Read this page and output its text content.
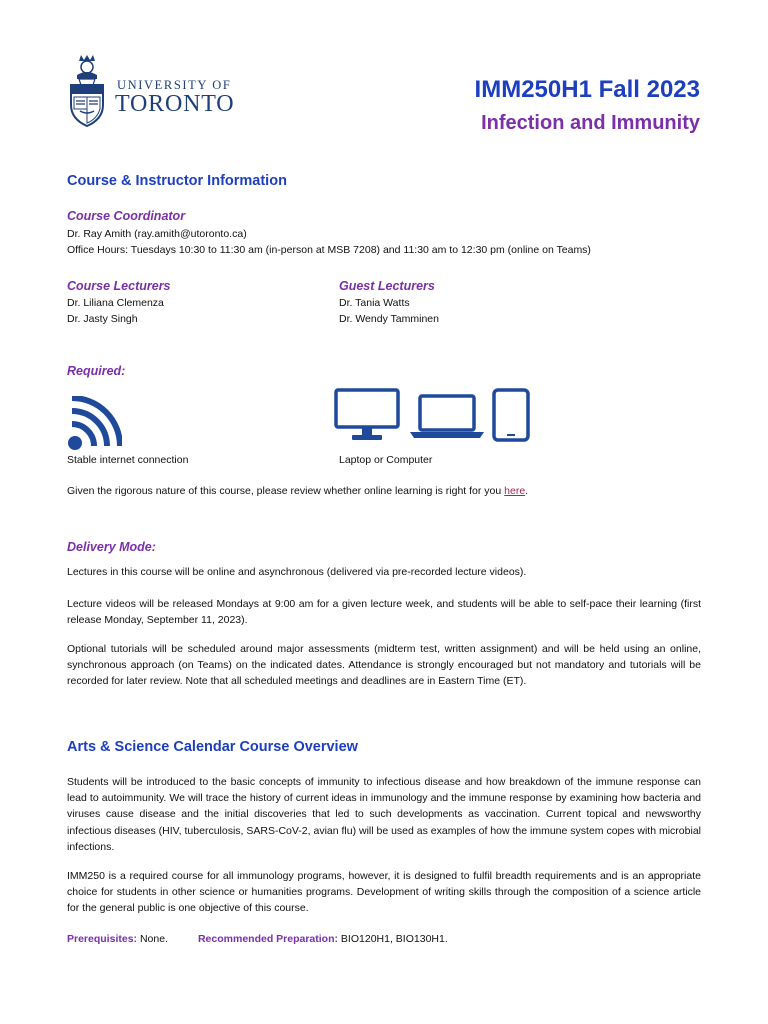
UNIVERSITY OF
TORONTO
IMM250H1 Fall 2023
Infection and Immunity
Course & Instructor Information
Course Coordinator
Dr. Ray Amith (ray.amith@utoronto.ca)
Office Hours: Tuesdays 10:30 to 11:30 am (in-person at MSB 7208) and 11:30 am to 12:30 pm (online on Teams)
Course Lecturers
Dr. Liliana Clemenza
Dr. Jasty Singh
Guest Lecturers
Dr. Tania Watts
Dr. Wendy Tamminen
Required:
Stable internet connection	Laptop or Computer
Given the rigorous nature of this course, please review whether online learning is right for you here.
Delivery Mode:
Lectures in this course will be online and asynchronous (delivered via pre-recorded lecture videos).
Lecture videos will be released Mondays at 9:00 am for a given lecture week, and students will be able to self-pace their learning (first release Monday, September 11, 2023).
Optional tutorials will be scheduled around major assessments (midterm test, written assignment) and will be held using an online, synchronous approach (on Teams) on the indicated dates. Attendance is strongly encouraged but not mandatory and tutorials will be recorded for later review. Note that all scheduled meetings and deadlines are in Eastern Time (ET).
Arts & Science Calendar Course Overview
Students will be introduced to the basic concepts of immunity to infectious disease and how breakdown of the immune response can lead to autoimmunity. We will trace the history of current ideas in immunology and the immune response by examining how bacteria and viruses cause disease and the initial discoveries that led to such developments as vaccination. Current topical and newsworthy infectious diseases (HIV, tuberculosis, SARS-CoV-2, avian flu) will be used as examples of how the immune system copes with microbial infections.
IMM250 is a required course for all immunology programs, however, it is designed to fulfil breadth requirements and is an appropriate choice for students in other science or humanities programs. Development of writing skills through the composition of a science article for the general public is one objective of this course.
Prerequisites: None.	Recommended Preparation: BIO120H1, BIO130H1.
